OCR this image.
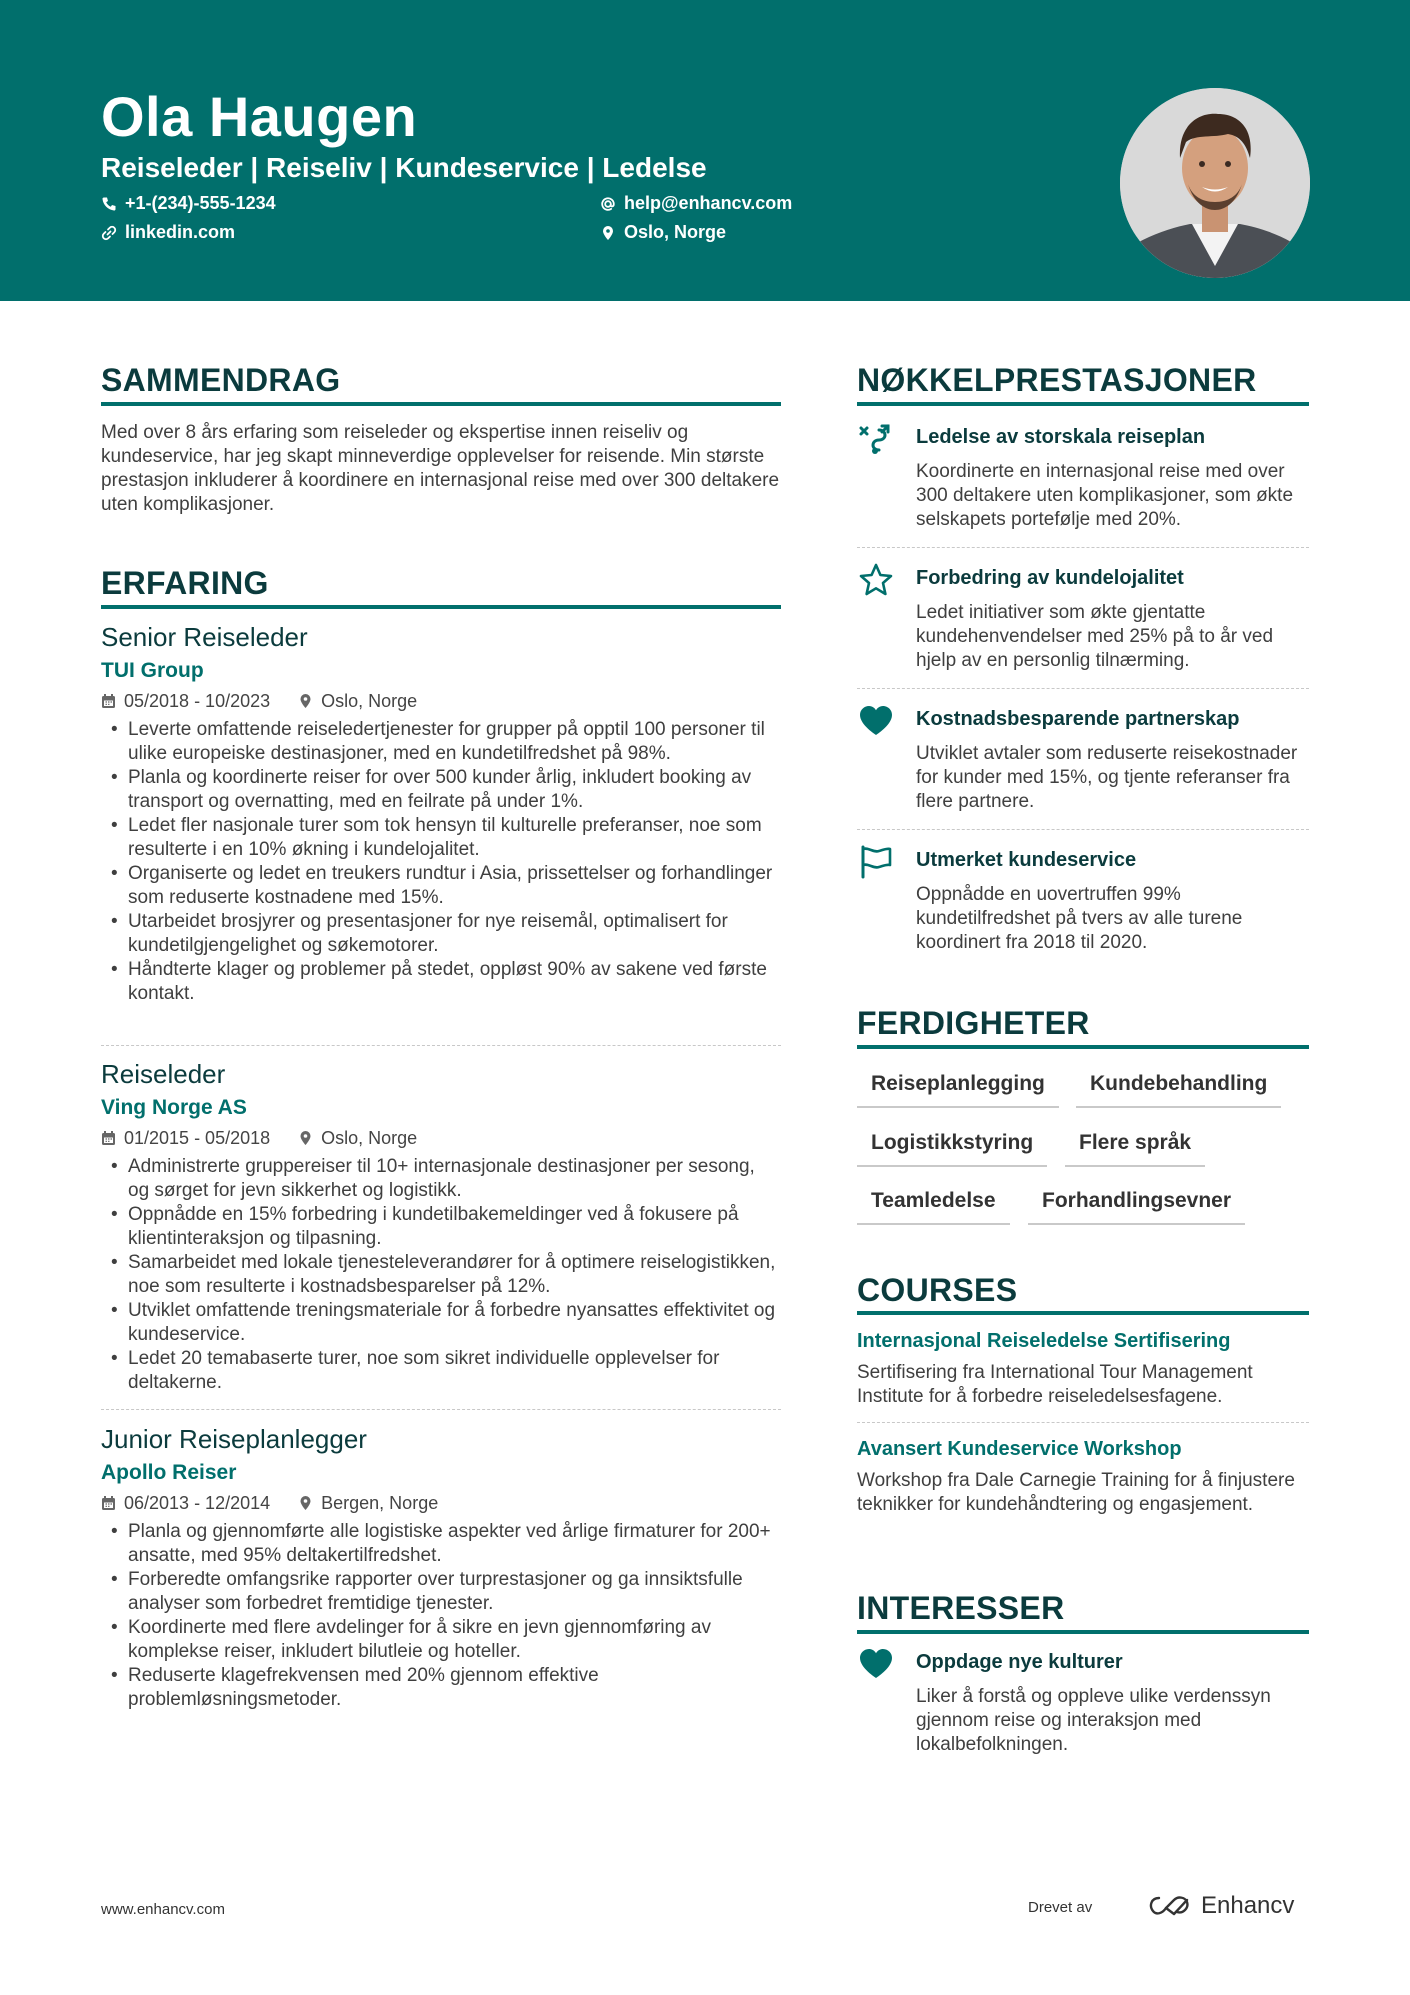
Ola Haugen
Reiseleder | Reiseliv | Kundeservice | Ledelse
+1-(234)-555-1234	help@enhancv.com
linkedin.com	Oslo, Norge
SAMMENDRAG
Med over 8 års erfaring som reiseleder og ekspertise innen reiseliv og kundeservice, har jeg skapt minneverdige opplevelser for reisende. Min største prestasjon inkluderer å koordinere en internasjonal reise med over 300 deltakere uten komplikasjoner.
ERFARING
Senior Reiseleder
TUI Group
05/2018 - 10/2023	Oslo, Norge
• Leverte omfattende reiseledertjenester for grupper på opptil 100 personer til ulike europeiske destinasjoner, med en kundetilfredshet på 98%.
• Planla og koordinerte reiser for over 500 kunder årlig, inkludert booking av transport og overnatting, med en feilrate på under 1%.
• Ledet fler nasjonale turer som tok hensyn til kulturelle preferanser, noe som resulterte i en 10% økning i kundelojalitet.
• Organiserte og ledet en treukers rundtur i Asia, prissettelser og forhandlinger som reduserte kostnadene med 15%.
• Utarbeidet brosjyrer og presentasjoner for nye reisemål, optimalisert for kundetilgjengelighet og søkemotorer.
• Håndterte klager og problemer på stedet, oppløst 90% av sakene ved første kontakt.
Reiseleder
Ving Norge AS
01/2015 - 05/2018	Oslo, Norge
• Administrerte gruppereiser til 10+ internasjonale destinasjoner per sesong, og sørget for jevn sikkerhet og logistikk.
• Oppnådde en 15% forbedring i kundetilbakemeldinger ved å fokusere på klientinteraksjon og tilpasning.
• Samarbeidet med lokale tjenesteleverandører for å optimere reiselogistikken, noe som resulterte i kostnadsbesparelser på 12%.
• Utviklet omfattende treningsmateriale for å forbedre nyansattes effektivitet og kundeservice.
• Ledet 20 temabaserte turer, noe som sikret individuelle opplevelser for deltakerne.
Junior Reiseplanlegger
Apollo Reiser
06/2013 - 12/2014	Bergen, Norge
• Planla og gjennomførte alle logistiske aspekter ved årlige firmaturer for 200+ ansatte, med 95% deltakertilfredshet.
• Forberedte omfangsrike rapporter over turprestasjoner og ga innsiktsfulle analyser som forbedret fremtidige tjenester.
• Koordinerte med flere avdelinger for å sikre en jevn gjennomføring av komplekse reiser, inkludert bilutleie og hoteller.
• Reduserte klagefrekvensen med 20% gjennom effektive problemløsningsmetoder.
NØKKELPRESTASJONER
Ledelse av storskala reiseplan
Koordinerte en internasjonal reise med over 300 deltakere uten komplikasjoner, som økte selskapets portefølje med 20%.
Forbedring av kundelojalitet
Ledet initiativer som økte gjentatte kundehenvendelser med 25% på to år ved hjelp av en personlig tilnærming.
Kostnadsbesparende partnerskap
Utviklet avtaler som reduserte reisekostnader for kunder med 15%, og tjente referanser fra flere partnere.
Utmerket kundeservice
Oppnådde en uovertruffen 99% kundetilfredshet på tvers av alle turene koordinert fra 2018 til 2020.
FERDIGHETER
Reiseplanlegging	Kundebehandling
Logistikkstyring	Flere språk
Teamledelse	Forhandlingsevner
COURSES
Internasjonal Reiseledelse Sertifisering
Sertifisering fra International Tour Management Institute for å forbedre reiseledelsesfagene.
Avansert Kundeservice Workshop
Workshop fra Dale Carnegie Training for å finjustere teknikker for kundehåndtering og engasjement.
INTERESSER
Oppdage nye kulturer
Liker å forstå og oppleve ulike verdenssyn gjennom reise og interaksjon med lokalbefolkningen.
www.enhancv.com	Drevet av	Enhancv
